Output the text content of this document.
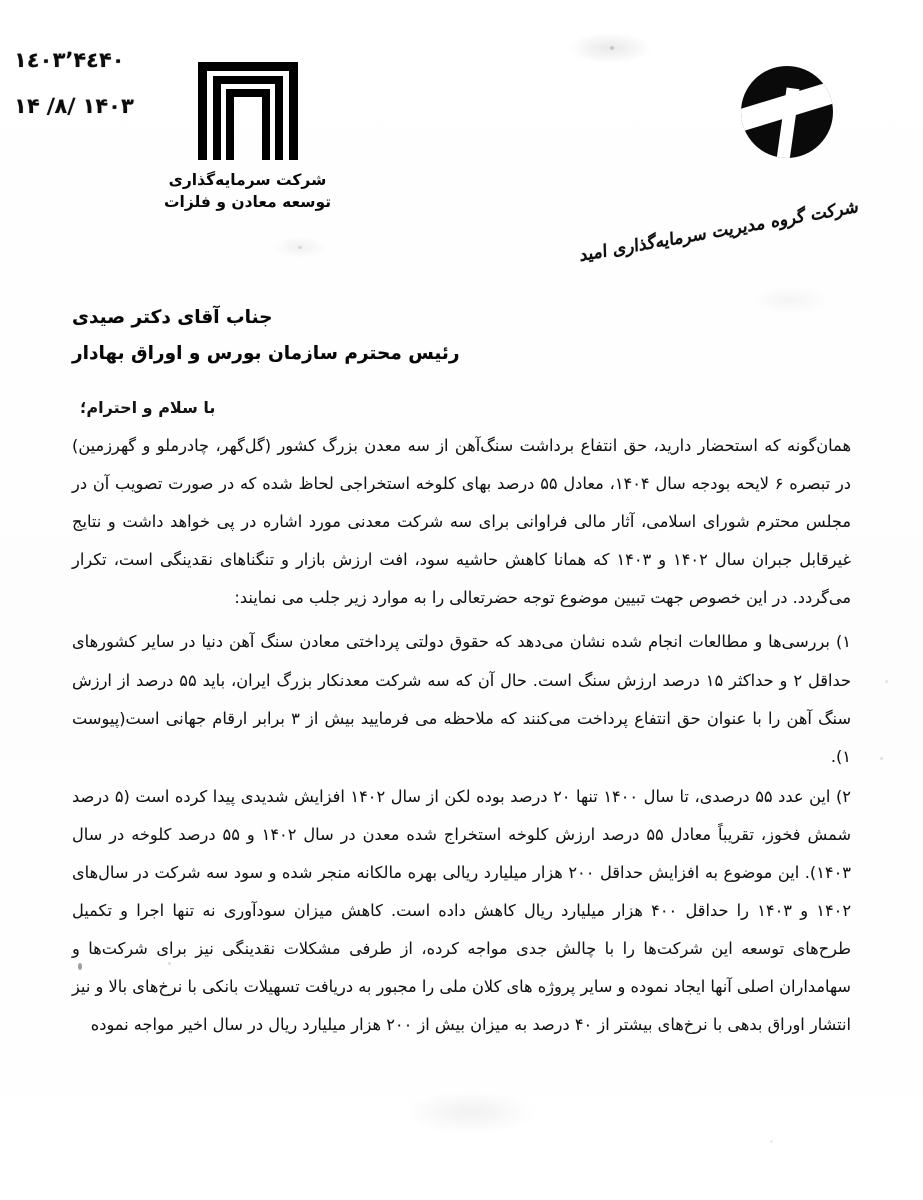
۱٤۰۳٬۴٤۴۰
۱۴۰۳ /۸/ ۱۴
شرکت سرمایه‌گذاری
توسعه معادن و فلزات	شرکت گروه مدیریت سرمایه‌گذاری امید
جناب آقای دکتر صیدی
رئیس محترم سازمان بورس و اوراق بهادار
با سلام و احترام؛

همان‌گونه که استحضار دارید، حق انتفاع برداشت سنگ‌آهن از سه معدن بزرگ کشور (گل‌گهر، چادرملو و گهرزمین) در تبصره ۶ لایحه بودجه سال ۱۴۰۴، معادل ۵۵ درصد بهای کلوخه استخراجی لحاظ شده که در صورت تصویب آن در مجلس محترم شورای اسلامی، آثار مالی فراوانی برای سه شرکت معدنی مورد اشاره در پی خواهد داشت و نتایج غیرقابل جبران سال ۱۴۰۲ و ۱۴۰۳ که همانا کاهش حاشیه سود، افت ارزش بازار و تنگناهای نقدینگی است، تکرار می‌گردد. در این خصوص جهت تبیین موضوع توجه حضرتعالی را به موارد زیر جلب می نمایند:

۱) بررسی‌ها و مطالعات انجام شده نشان می‌دهد که حقوق دولتی پرداختی معادن سنگ آهن دنیا در سایر کشورهای حداقل ۲ و حداکثر ۱۵ درصد ارزش سنگ است. حال آن که سه شرکت معدنکار بزرگ ایران، باید ۵۵ درصد از ارزش سنگ آهن را با عنوان حق انتفاع پرداخت می‌کنند که ملاحظه می فرمایید بیش از ۳ برابر ارقام جهانی است(پیوست ۱).

۲) این عدد ۵۵ درصدی، تا سال ۱۴۰۰ تنها ۲۰ درصد بوده لکن از سال ۱۴۰۲ افزایش شدیدی پیدا کرده است (۵ درصد شمش فخوز، تقریباً معادل ۵۵ درصد ارزش کلوخه استخراج شده معدن در سال ۱۴۰۲ و ۵۵ درصد کلوخه در سال ۱۴۰۳). این موضوع به افزایش حداقل ۲۰۰ هزار میلیارد ریالی بهره مالکانه منجر شده و سود سه شرکت در سال‌های ۱۴۰۲ و ۱۴۰۳ را حداقل ۴۰۰ هزار میلیارد ریال کاهش داده است. کاهش میزان سودآوری نه تنها اجرا و تکمیل طرح‌های توسعه این شرکت‌ها را با چالش جدی مواجه کرده، از طرفی مشکلات نقدینگی نیز برای شرکت‌ها و سهامداران اصلی آنها ایجاد نموده و سایر پروژه های کلان ملی را مجبور به دریافت تسهیلات بانکی با نرخ‌های بالا و نیز انتشار اوراق بدهی با نرخ‌های بیشتر از ۴۰ درصد به میزان بیش از ۲۰۰ هزار میلیارد ریال در سال اخیر مواجه نموده
